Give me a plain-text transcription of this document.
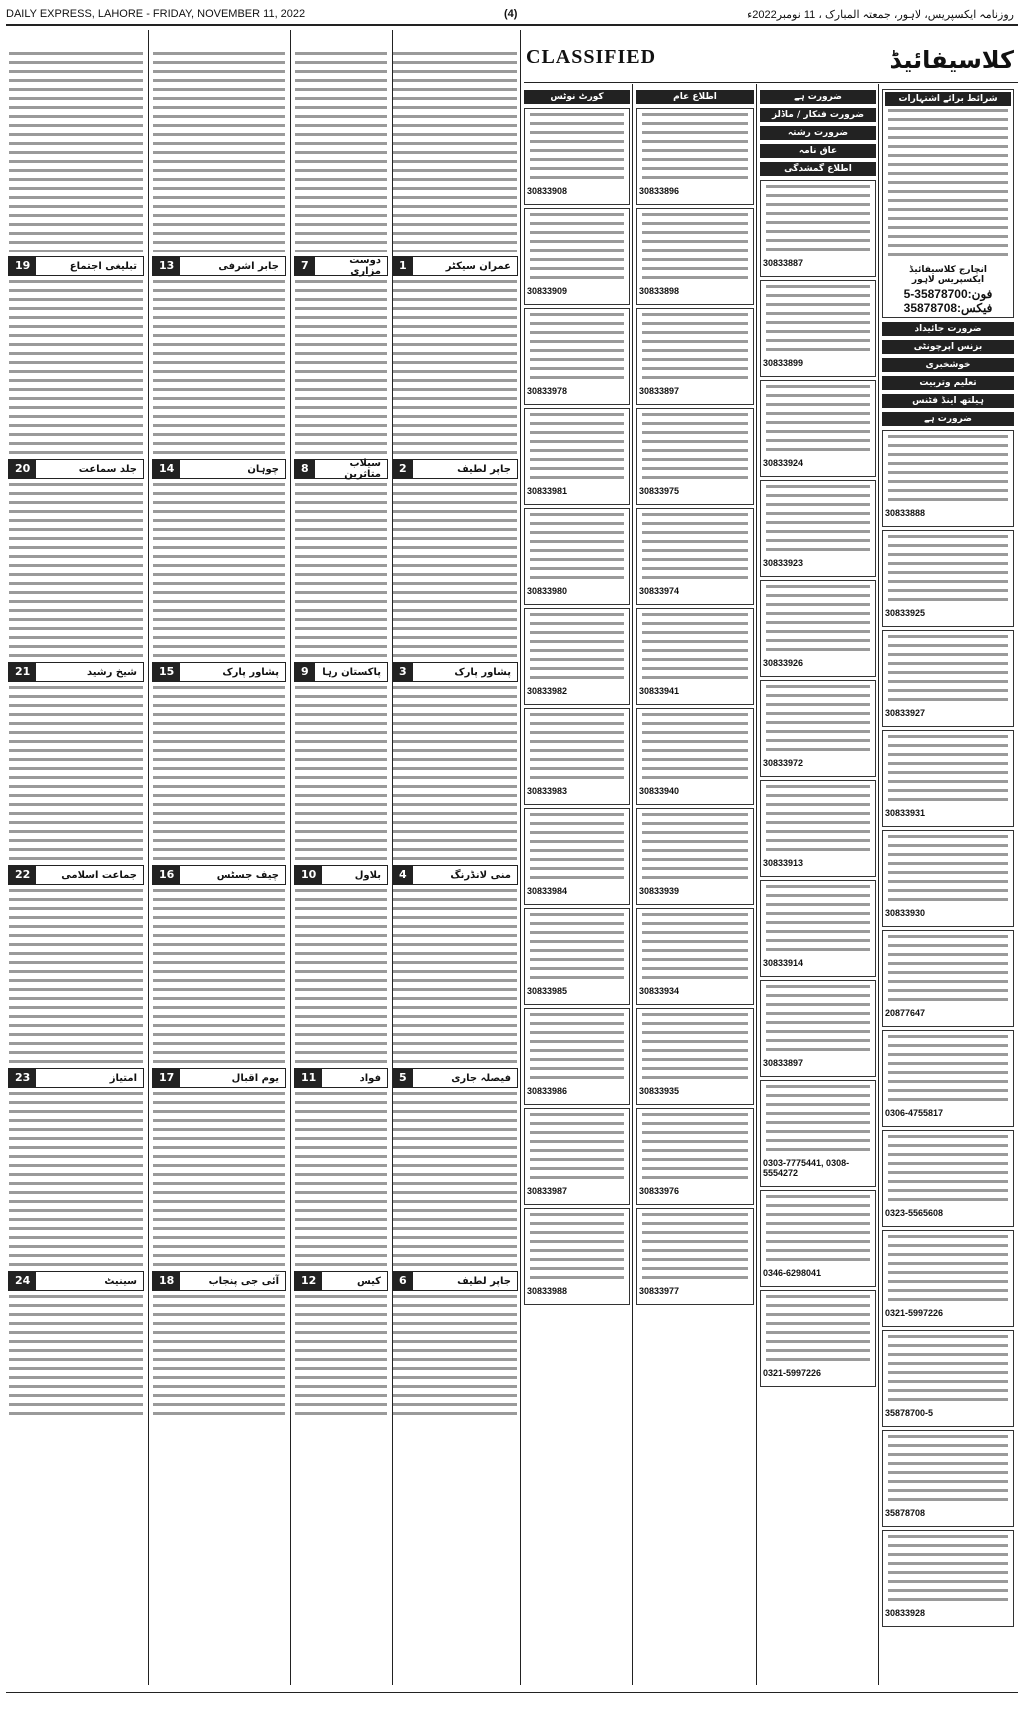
DAILY EXPRESS, LAHORE - FRIDAY, NOVEMBER 11, 2022	(4)	روزنامہ ایکسپریس، لاہور، جمعتہ المبارک ، 11 نومبر2022ء
CLASSIFIED	کلاسیفائیڈ
1	عمران سیکٹر
2	جاپر لطیف
3	پشاور پارک
4	منی لانڈرنگ
5	فیصلہ جاری
6	جاپر لطیف
7	دوست مزاری
8	سیلاب متاثرین
9	پاکستان رہا
10	بلاول
11	فواد
12	کیس
13	جابر اشرفی
14	چوہان
15	پشاور پارک
16	چیف جسٹس
17	یوم اقبال
18	آئی جی پنجاب
19	تبلیغی اجتماع
20	جلد سماعت
21	شیخ رشید
22	جماعت اسلامی
23	امتیاز
24	سینیٹ
کورٹ نوٹس
30833908
30833909
30833978
30833981
30833980
30833982
30833983
30833984
30833985
30833986
30833987
30833988
اطلاع عام
30833896
30833898
30833897
30833975
30833974
30833941
30833940
30833939
30833934
30833935
30833976
30833977
ضرورت ہے
ضرورت فنکار / ماڈلز
ضرورت رشتہ
عاق نامہ
اطلاع گمشدگی
30833887
30833899
30833924
30833923
30833926
30833972
30833913
30833914
30833897
0303-7775441, 0308-5554272
0346-6298041
0321-5997226
شرائط برائے اشتہارات
انچارج کلاسیفائیڈ ایکسپریس لاہور
فون:35878700-5
فیکس:35878708
ضرورت جائیداد
بزنس اپرچونٹی
خوشخبری
تعلیم وتربیت
ہیلتھ اینڈ فٹنس
ضرورت ہے
30833888
30833925
30833927
30833931
30833930
20877647
0306-4755817
0323-5565608
0321-5997226
35878700-5
35878708
30833928
